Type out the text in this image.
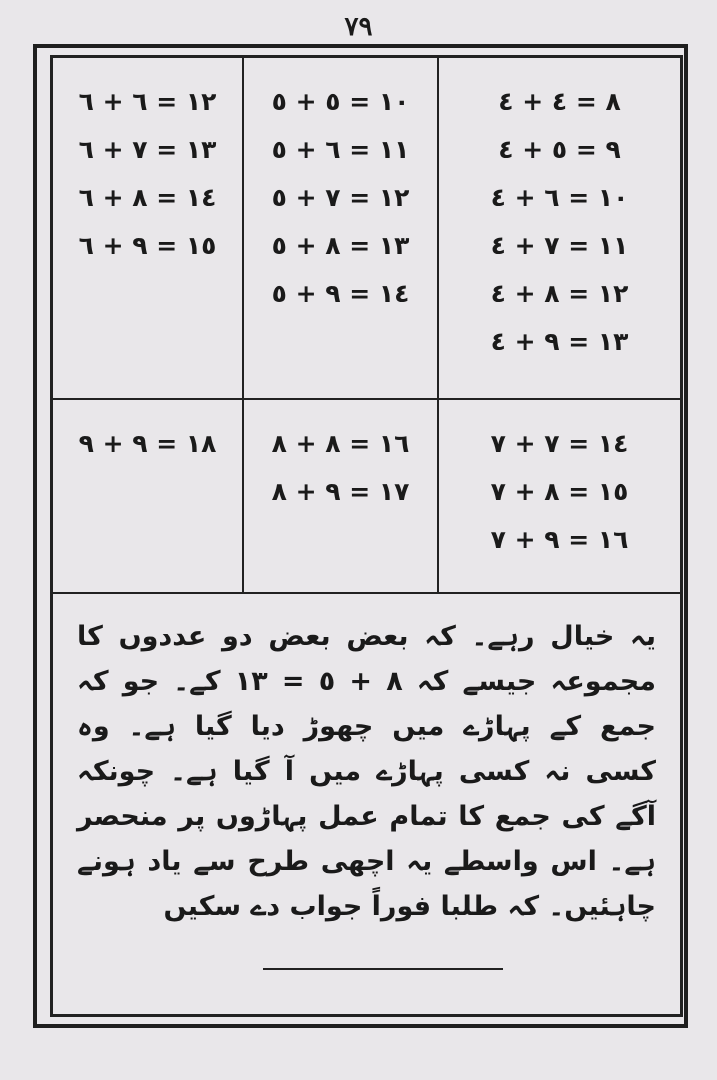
٧٩
١٢ = ٦ + ٦
١٣ = ٧ + ٦
١٤ = ٨ + ٦
١٥ = ٩ + ٦
١٠ = ٥ + ٥
١١ = ٦ + ٥
١٢ = ٧ + ٥
١٣ = ٨ + ٥
١٤ = ٩ + ٥
٨ = ٤ + ٤
٩ = ٥ + ٤
١٠ = ٦ + ٤
١١ = ٧ + ٤
١٢ = ٨ + ٤
١٣ = ٩ + ٤
١٨ = ٩ + ٩	١٦ = ٨ + ٨
١٧ = ٩ + ٨
١٤ = ٧ + ٧
١٥ = ٨ + ٧
١٦ = ٩ + ٧

یہ خیال رہے۔ کہ بعض بعض دو عددوں کا مجموعہ جیسے کہ ٨ + ٥ = ١٣ کے۔ جو کہ جمع کے پہاڑے میں چھوڑ دیا گیا ہے۔ وہ کسی نہ کسی پہاڑے میں آ گیا ہے۔ چونکہ آگے کی جمع کا تمام عمل پہاڑوں پر منحصر ہے۔ اس واسطے یہ اچھی طرح سے یاد ہونے چاہئیں۔ کہ طلبا فوراً جواب دے سکیں
